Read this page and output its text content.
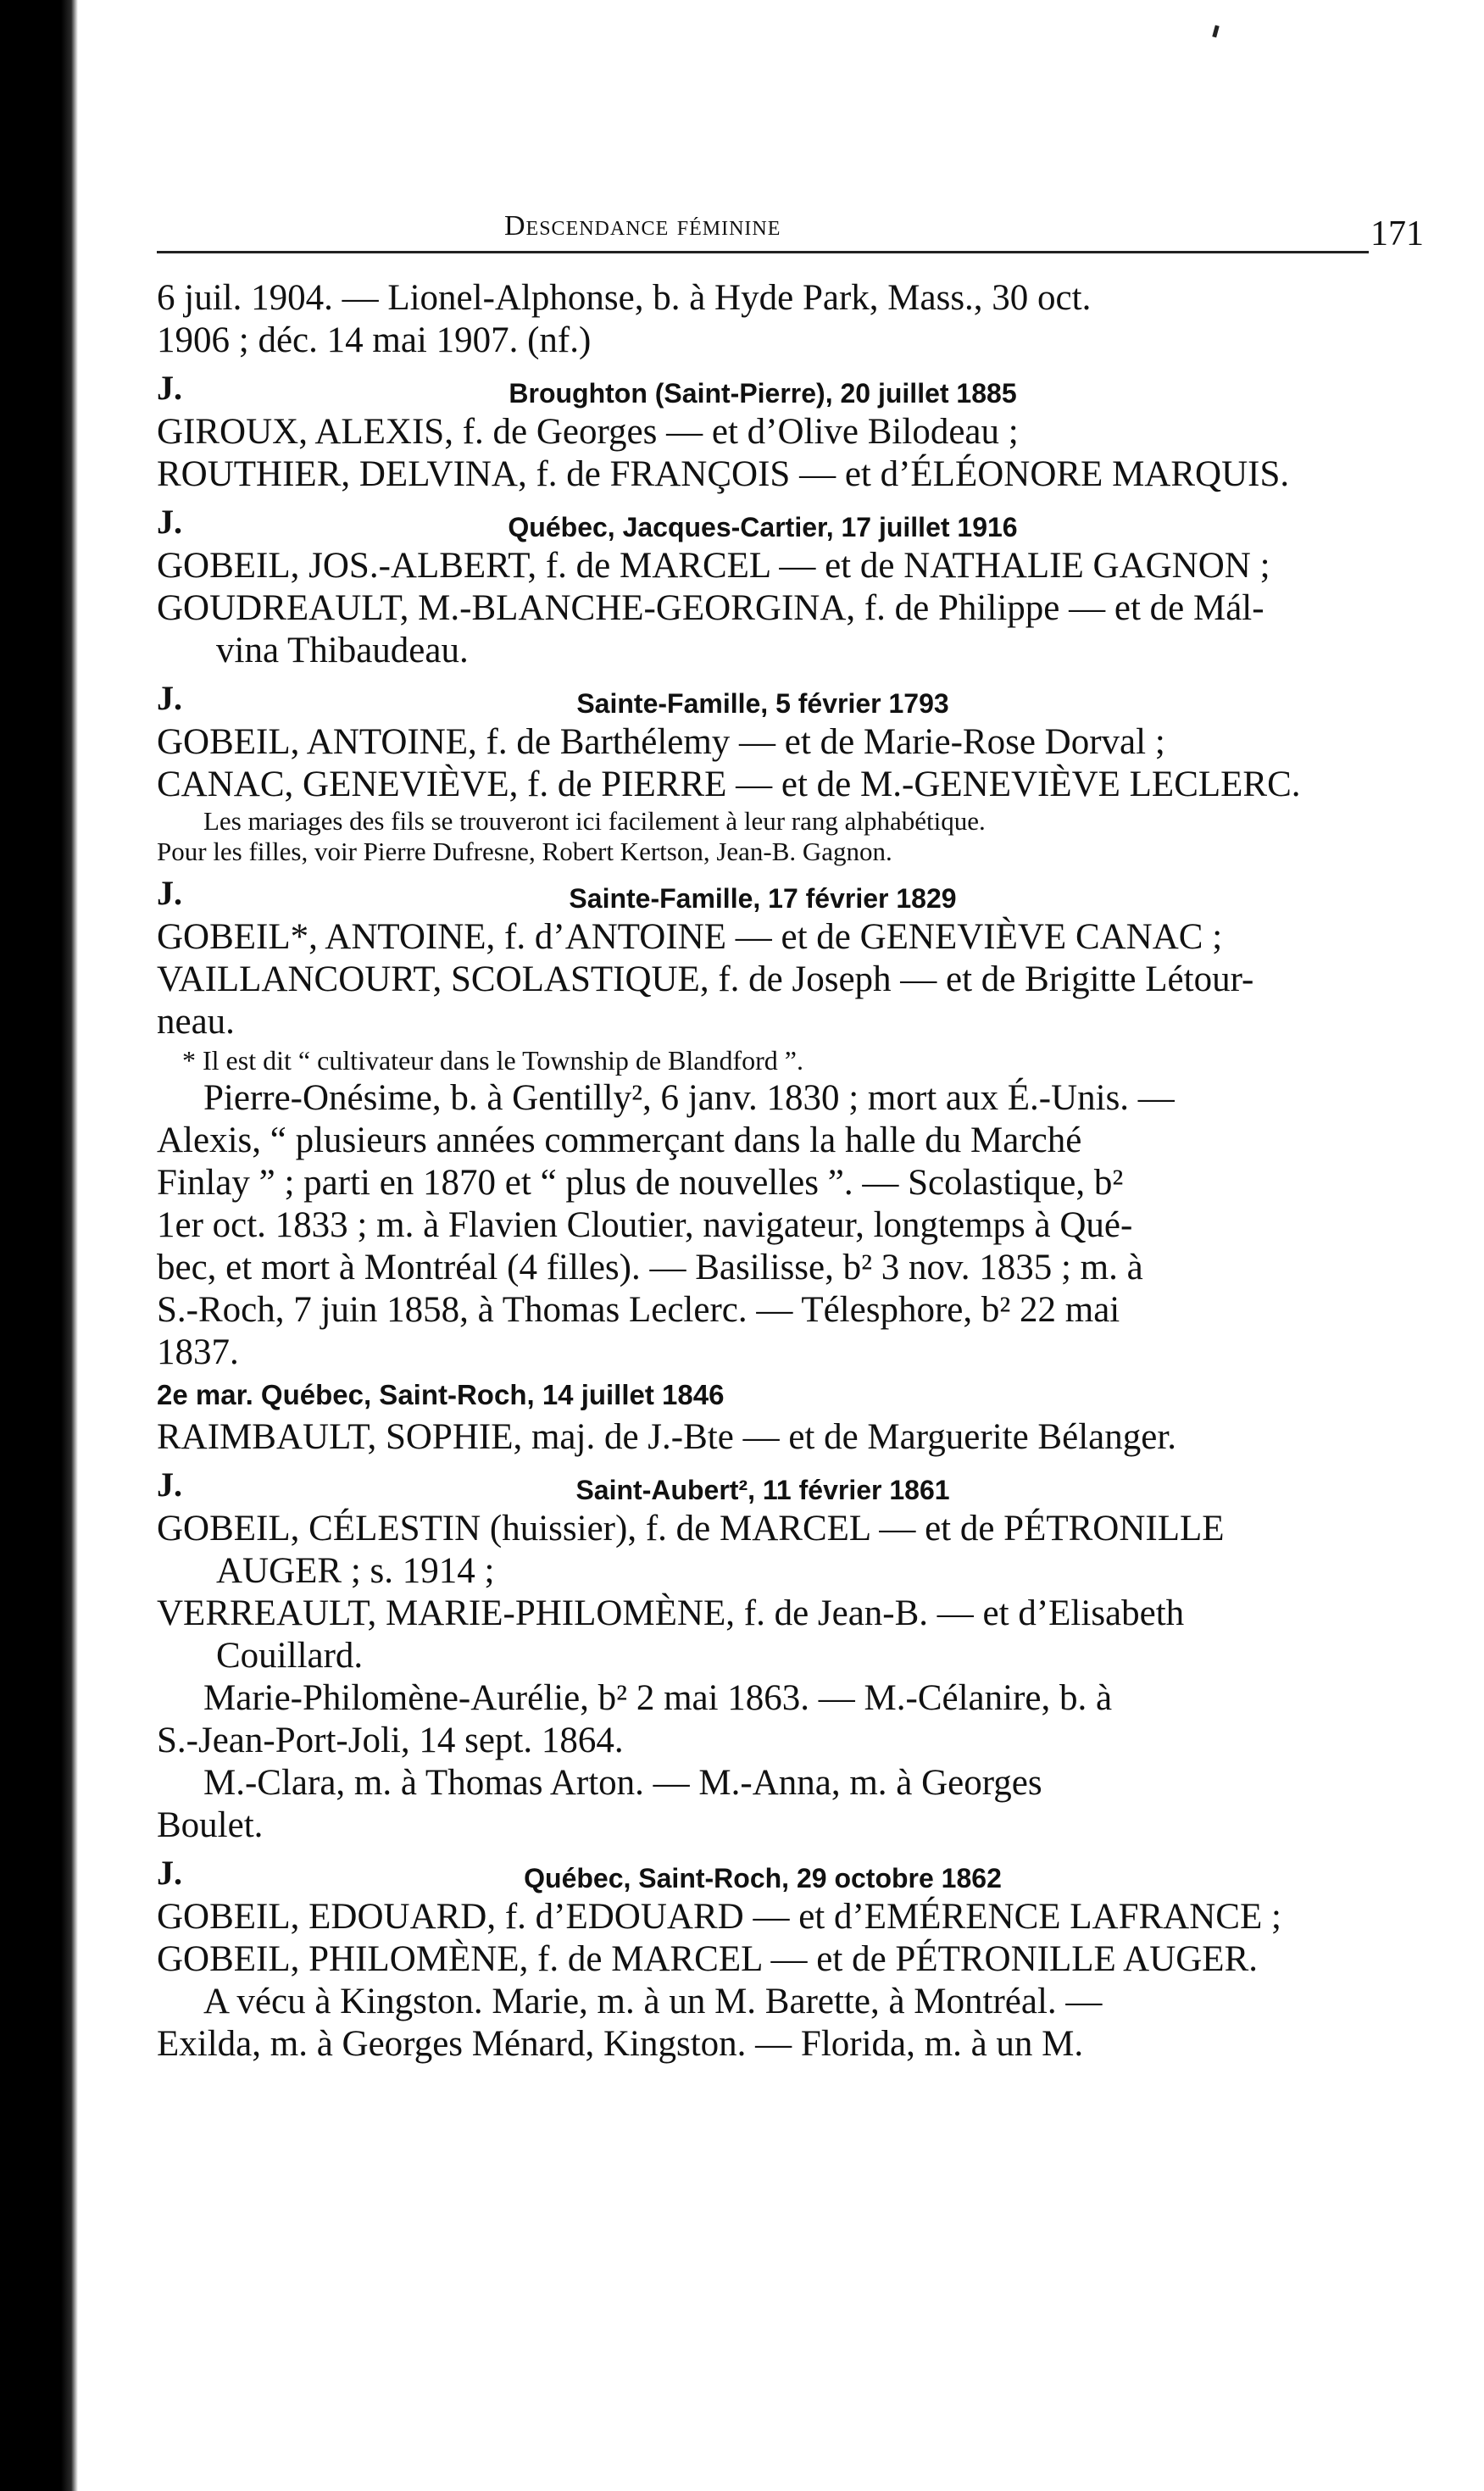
Descendance féminine	171
6 juil. 1904. — Lionel-Alphonse, b. à Hyde Park, Mass., 30 oct.
1906 ; déc. 14 mai 1907. (nf.)
J.	Broughton (Saint-Pierre), 20 juillet 1885
GIROUX, ALEXIS, f. de Georges — et d’Olive Bilodeau ;
ROUTHIER, DELVINA, f. de FRANÇOIS — et d’ÉLÉONORE MARQUIS.
J.	Québec, Jacques-Cartier, 17 juillet 1916
GOBEIL, JOS.-ALBERT, f. de MARCEL — et de NATHALIE GAGNON ;
GOUDREAULT, M.-BLANCHE-GEORGINA, f. de Philippe — et de Mál-
vina Thibaudeau.
J.	Sainte-Famille, 5 février 1793
GOBEIL, ANTOINE, f. de Barthélemy — et de Marie-Rose Dorval ;
CANAC, GENEVIÈVE, f. de PIERRE — et de M.-GENEVIÈVE LECLERC.
Les mariages des fils se trouveront ici facilement à leur rang alphabétique.
Pour les filles, voir Pierre Dufresne, Robert Kertson, Jean-B. Gagnon.
J.	Sainte-Famille, 17 février 1829
GOBEIL*, ANTOINE, f. d’ANTOINE — et de GENEVIÈVE CANAC ;
VAILLANCOURT, SCOLASTIQUE, f. de Joseph — et de Brigitte Létour-
neau.
* Il est dit “ cultivateur dans le Township de Blandford ”.
Pierre-Onésime, b. à Gentilly², 6 janv. 1830 ; mort aux É.-Unis. —
Alexis, “ plusieurs années commerçant dans la halle du Marché
Finlay ” ; parti en 1870 et “ plus de nouvelles ”. — Scolastique, b²
1er oct. 1833 ; m. à Flavien Cloutier, navigateur, longtemps à Qué-
bec, et mort à Montréal (4 filles). — Basilisse, b² 3 nov. 1835 ; m. à
S.-Roch, 7 juin 1858, à Thomas Leclerc. — Télesphore, b² 22 mai
1837.
2e mar. Québec, Saint-Roch, 14 juillet 1846
RAIMBAULT, SOPHIE, maj. de J.-Bte — et de Marguerite Bélanger.
J.	Saint-Aubert², 11 février 1861
GOBEIL, CÉLESTIN (huissier), f. de MARCEL — et de PÉTRONILLE
AUGER ; s. 1914 ;
VERREAULT, MARIE-PHILOMÈNE, f. de Jean-B. — et d’Elisabeth
Couillard.
Marie-Philomène-Aurélie, b² 2 mai 1863. — M.-Célanire, b. à
S.-Jean-Port-Joli, 14 sept. 1864.
M.-Clara, m. à Thomas Arton. — M.-Anna, m. à Georges
Boulet.
J.	Québec, Saint-Roch, 29 octobre 1862
GOBEIL, EDOUARD, f. d’EDOUARD — et d’EMÉRENCE LAFRANCE ;
GOBEIL, PHILOMÈNE, f. de MARCEL — et de PÉTRONILLE AUGER.
A vécu à Kingston. Marie, m. à un M. Barette, à Montréal. —
Exilda, m. à Georges Ménard, Kingston. — Florida, m. à un M.
